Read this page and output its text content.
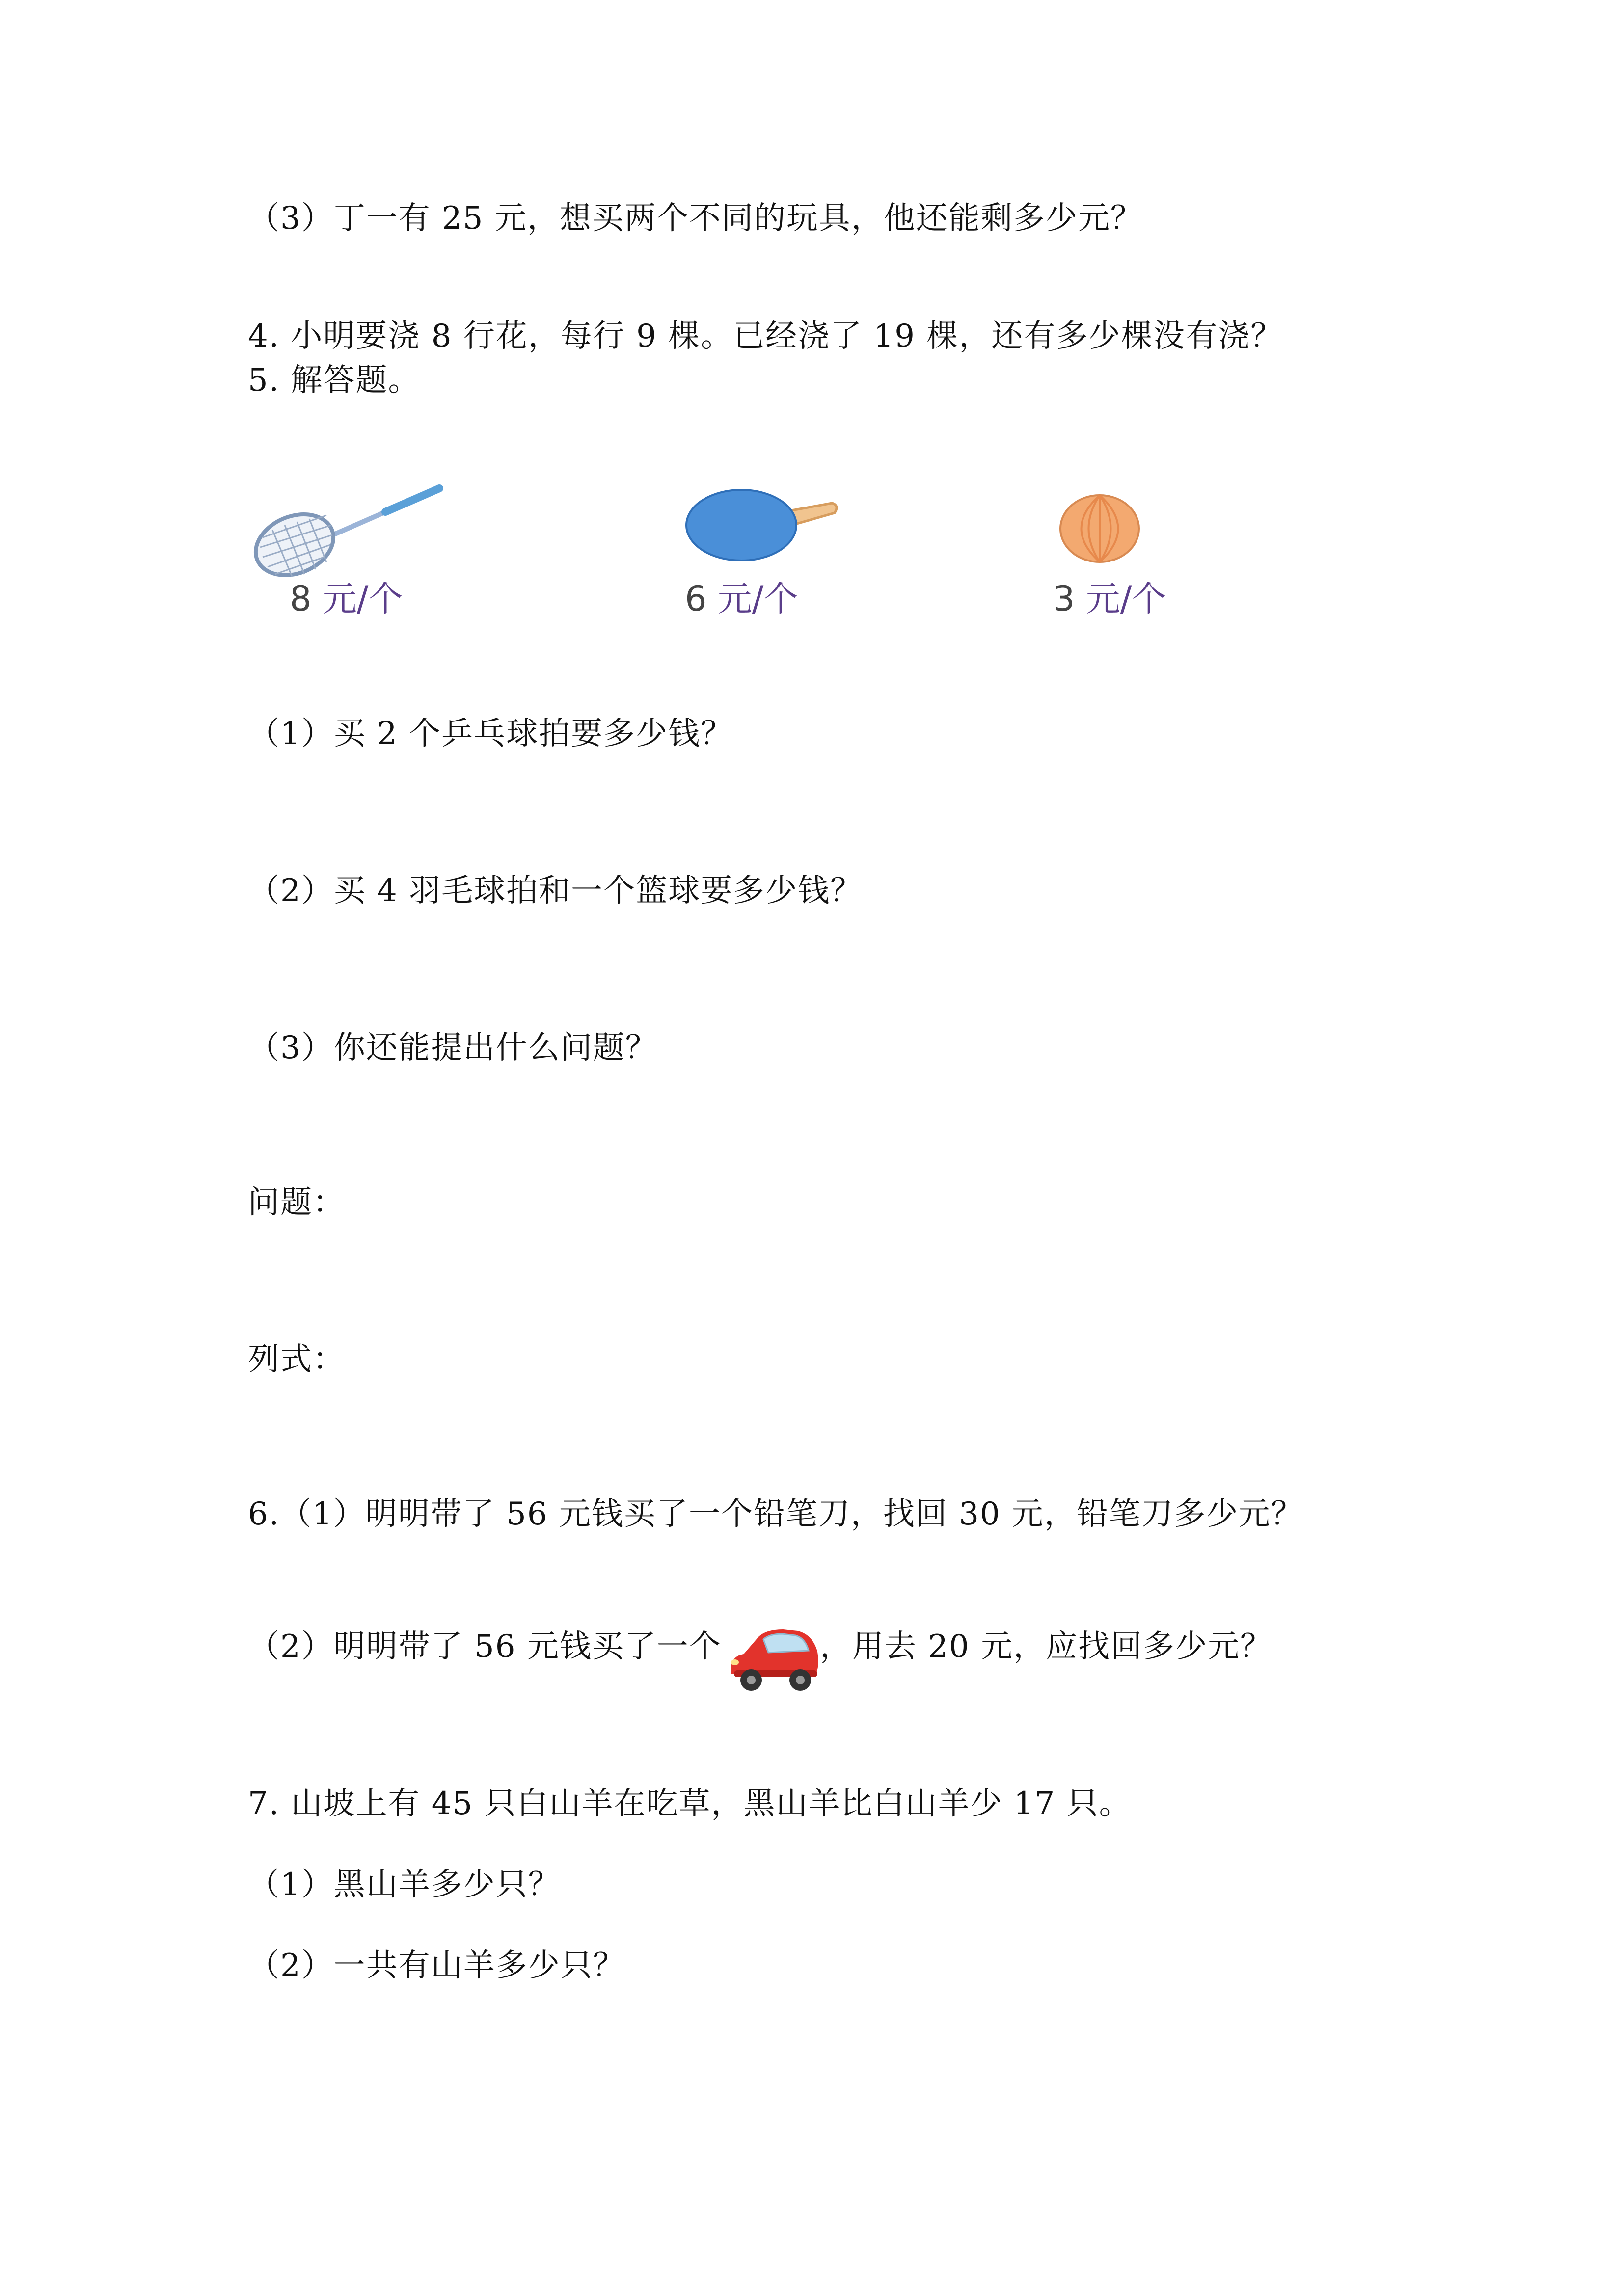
（3）丁一有 25 元，想买两个不同的玩具，他还能剩多少元？
4. 小明要浇 8 行花，每行 9 棵。已经浇了 19 棵，还有多少棵没有浇？
5. 解答题。
8 元/个	6 元/个	3 元/个
（1）买 2 个乒乓球拍要多少钱？
（2）买 4 羽毛球拍和一个篮球要多少钱？
（3）你还能提出什么问题？
问题：
列式：
6.（1）明明带了 56 元钱买了一个铅笔刀，找回 30 元，铅笔刀多少元？
（2）明明带了 56 元钱买了一个	，用去 20 元，应找回多少元？
7. 山坡上有 45 只白山羊在吃草，黑山羊比白山羊少 17 只。
（1）黑山羊多少只？
（2）一共有山羊多少只？
